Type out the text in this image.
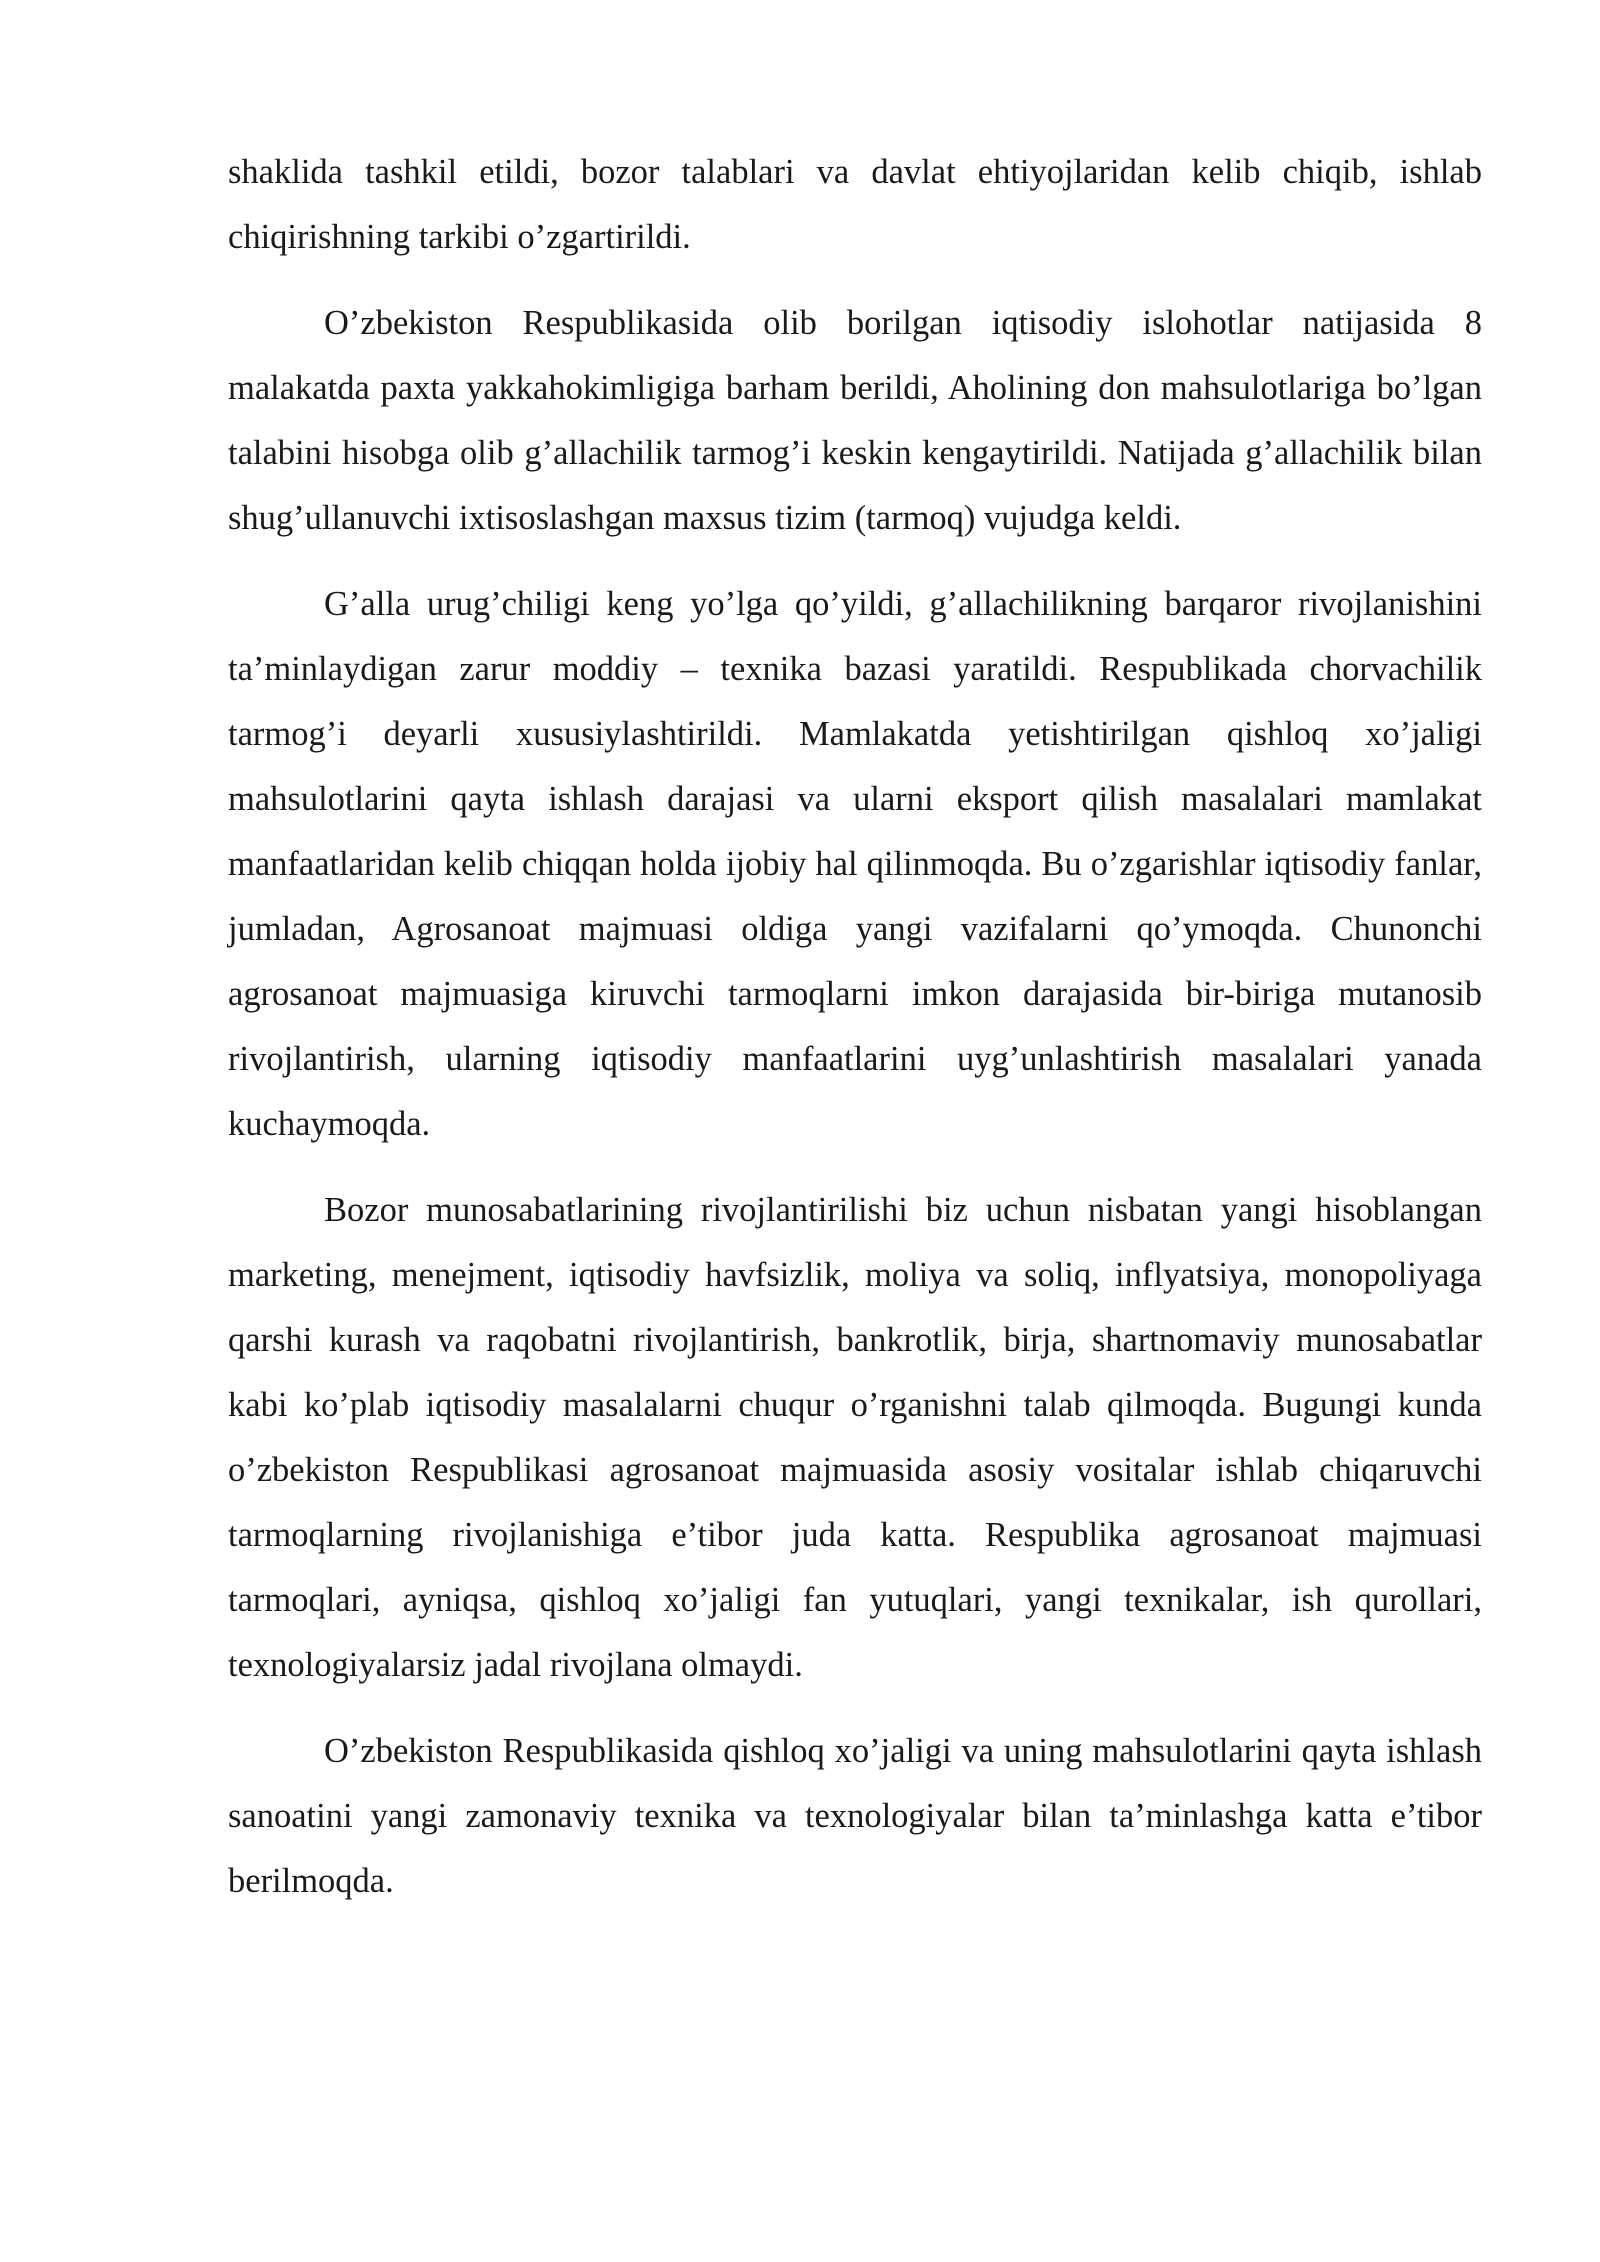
shaklida tashkil etildi, bozor talablari va davlat ehtiyojlaridan kelib chiqib, ishlab chiqirishning tarkibi o’zgartirildi.

O’zbekiston Respublikasida olib borilgan iqtisodiy islohotlar natijasida 8 malakatda paxta yakkahokimligiga barham berildi, Aholining don mahsulotlariga bo’lgan talabini hisobga olib g’allachilik tarmog’i keskin kengaytirildi. Natijada g’allachilik bilan shug’ullanuvchi ixtisoslashgan maxsus tizim (tarmoq) vujudga keldi.

G’alla urug’chiligi keng yo’lga qo’yildi, g’allachilikning barqaror rivojlanishini ta’minlaydigan zarur moddiy – texnika bazasi yaratildi. Respublikada chorvachilik tarmog’i deyarli xususiylashtirildi. Mamlakatda yetishtirilgan qishloq xo’jaligi mahsulotlarini qayta ishlash darajasi va ularni eksport qilish masalalari mamlakat manfaatlaridan kelib chiqqan holda ijobiy hal qilinmoqda. Bu o’zgarishlar iqtisodiy fanlar, jumladan, Agrosanoat majmuasi oldiga yangi vazifalarni qo’ymoqda. Chunonchi agrosanoat majmuasiga kiruvchi tarmoqlarni imkon darajasida bir-biriga mutanosib rivojlantirish, ularning iqtisodiy manfaatlarini uyg’unlashtirish masalalari yanada kuchaymoqda.

Bozor munosabatlarining rivojlantirilishi biz uchun nisbatan yangi hisoblangan marketing, menejment, iqtisodiy havfsizlik, moliya va soliq, inflyatsiya, monopoliyaga qarshi kurash va raqobatni rivojlantirish, bankrotlik, birja, shartnomaviy munosabatlar kabi ko’plab iqtisodiy masalalarni chuqur o’rganishni talab qilmoqda. Bugungi kunda o’zbekiston Respublikasi agrosanoat majmuasida asosiy vositalar ishlab chiqaruvchi tarmoqlarning rivojlanishiga e’tibor juda katta. Respublika agrosanoat majmuasi tarmoqlari, ayniqsa, qishloq xo’jaligi fan yutuqlari, yangi texnikalar, ish qurollari, texnologiyalarsiz jadal rivojlana olmaydi.

O’zbekiston Respublikasida qishloq xo’jaligi va uning mahsulotlarini qayta ishlash sanoatini yangi zamonaviy texnika va texnologiyalar bilan ta’minlashga katta e’tibor berilmoqda.
